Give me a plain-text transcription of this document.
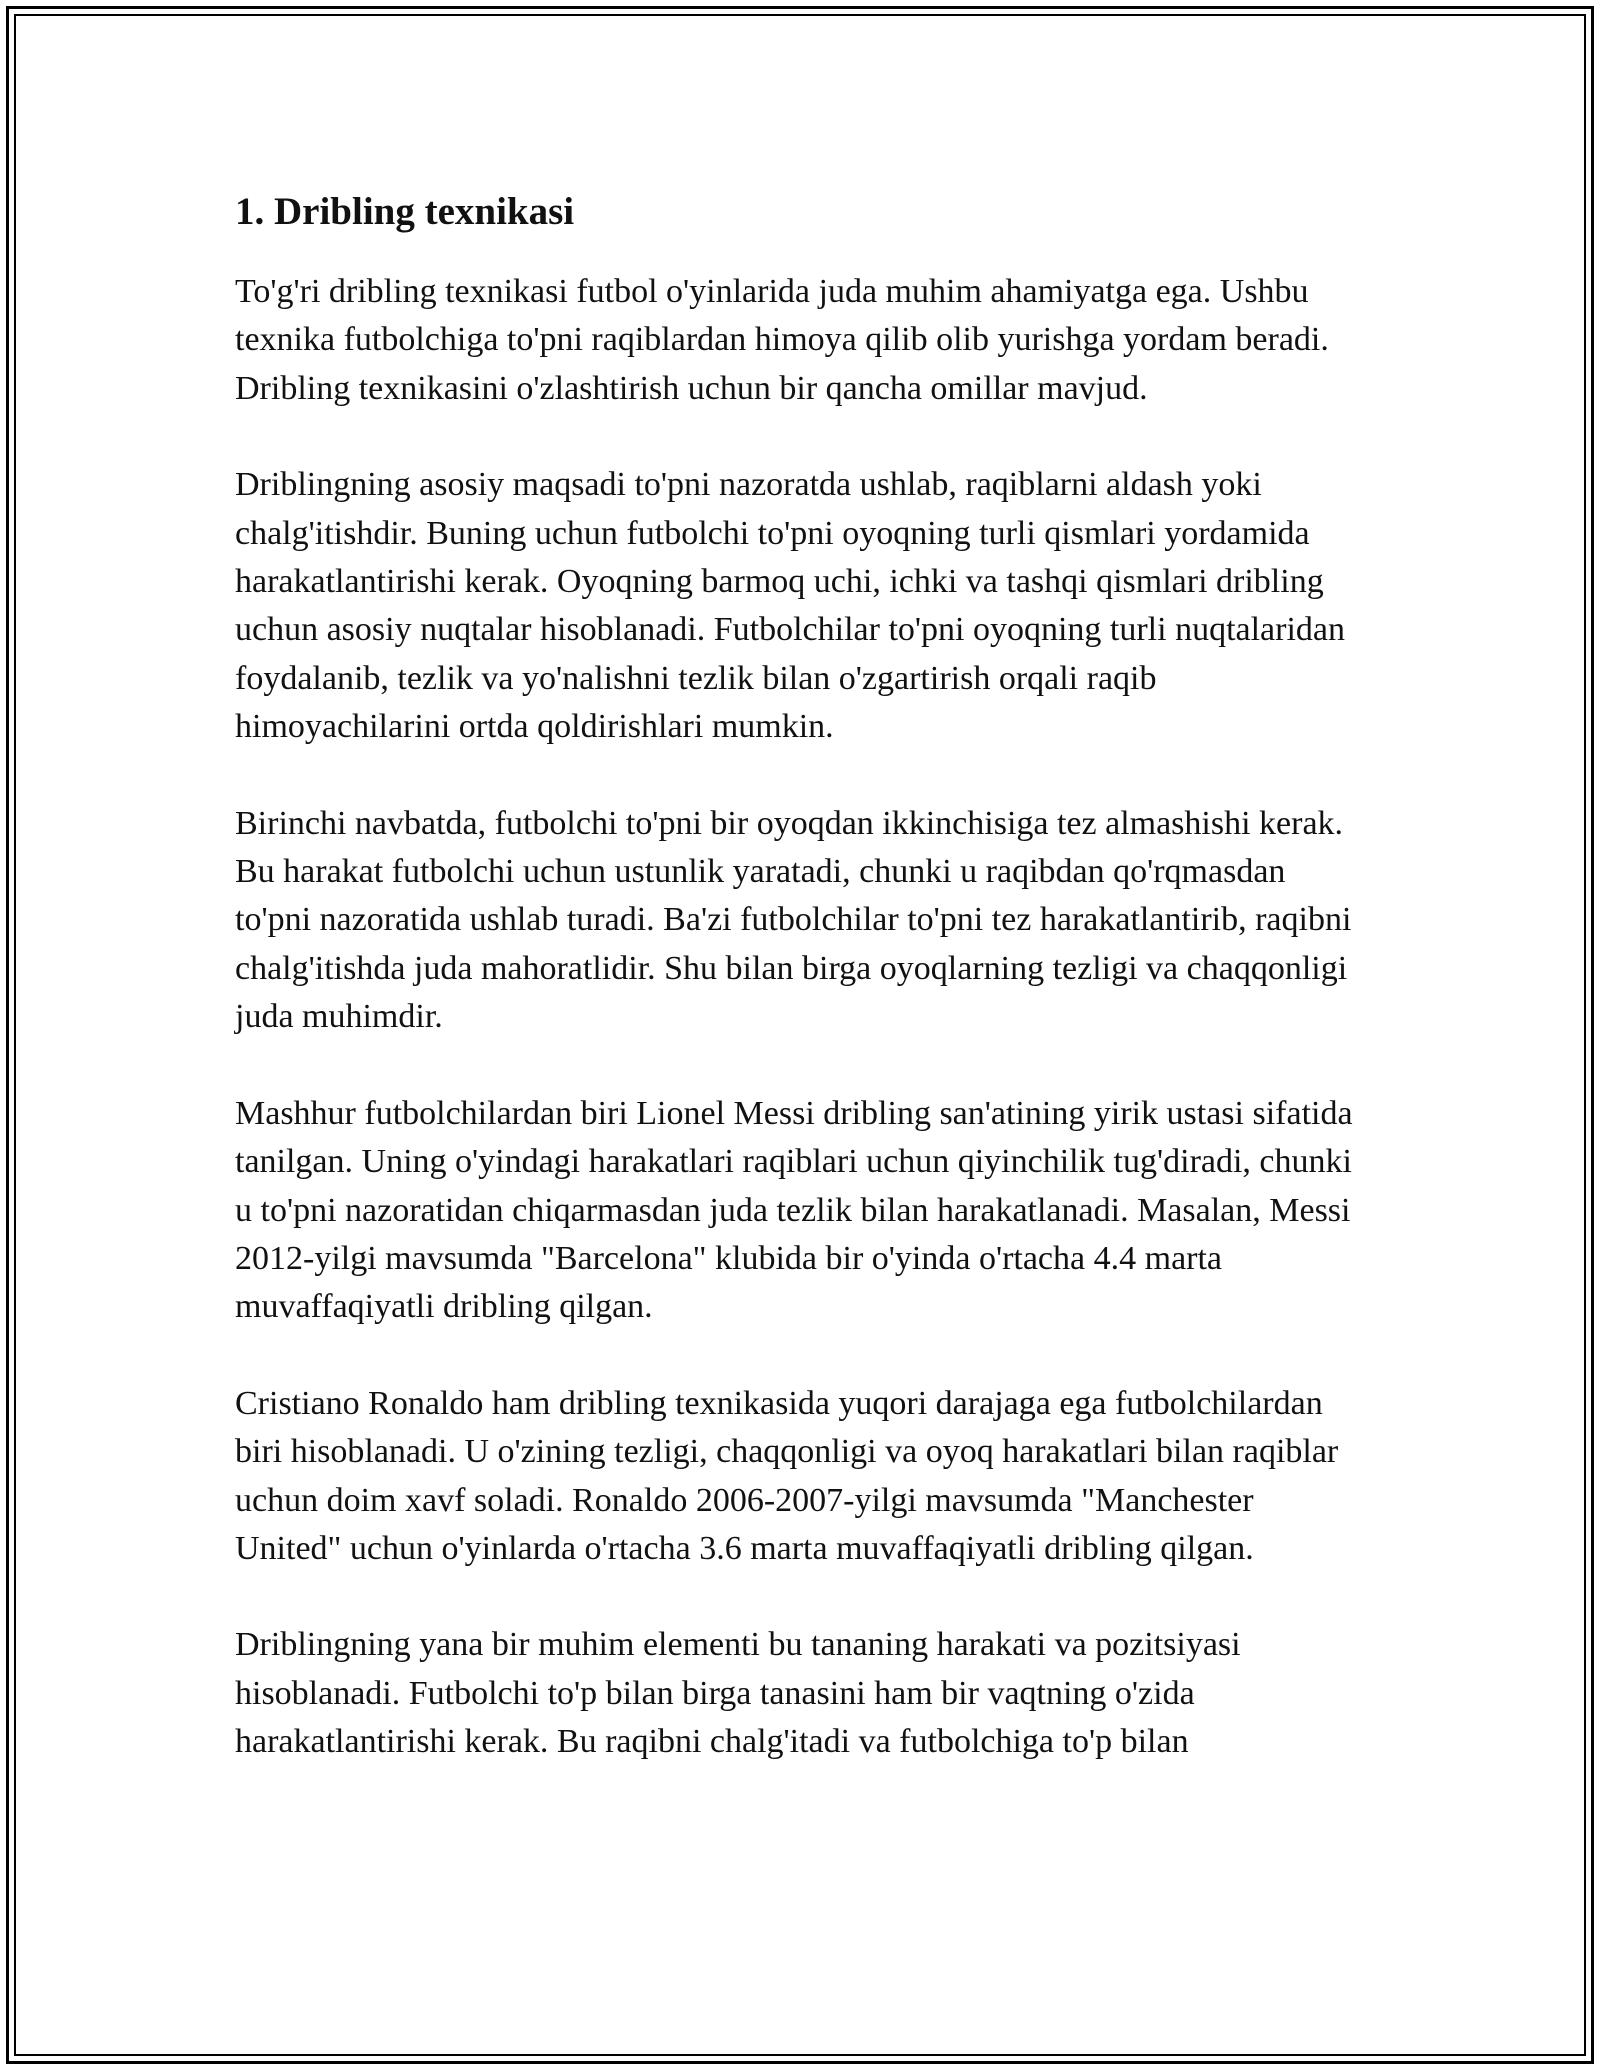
1. Dribling texnikasi

To'g'ri dribling texnikasi futbol o'yinlarida juda muhim ahamiyatga ega. Ushbu texnika futbolchiga to'pni raqiblardan himoya qilib olib yurishga yordam beradi. Dribling texnikasini o'zlashtirish uchun bir qancha omillar mavjud.

Driblingning asosiy maqsadi to'pni nazoratda ushlab, raqiblarni aldash yoki chalg'itishdir. Buning uchun futbolchi to'pni oyoqning turli qismlari yordamida harakatlantirishi kerak. Oyoqning barmoq uchi, ichki va tashqi qismlari dribling uchun asosiy nuqtalar hisoblanadi. Futbolchilar to'pni oyoqning turli nuqtalaridan foydalanib, tezlik va yo'nalishni tezlik bilan o'zgartirish orqali raqib himoyachilarini ortda qoldirishlari mumkin.

Birinchi navbatda, futbolchi to'pni bir oyoqdan ikkinchisiga tez almashishi kerak. Bu harakat futbolchi uchun ustunlik yaratadi, chunki u raqibdan qo'rqmasdan to'pni nazoratida ushlab turadi. Ba'zi futbolchilar to'pni tez harakatlantirib, raqibni chalg'itishda juda mahoratlidir. Shu bilan birga oyoqlarning tezligi va chaqqonligi juda muhimdir.

Mashhur futbolchilardan biri Lionel Messi dribling san'atining yirik ustasi sifatida tanilgan. Uning o'yindagi harakatlari raqiblari uchun qiyinchilik tug'diradi, chunki u to'pni nazoratidan chiqarmasdan juda tezlik bilan harakatlanadi. Masalan, Messi 2012-yilgi mavsumda "Barcelona" klubida bir o'yinda o'rtacha 4.4 marta muvaffaqiyatli dribling qilgan.

Cristiano Ronaldo ham dribling texnikasida yuqori darajaga ega futbolchilardan biri hisoblanadi. U o'zining tezligi, chaqqonligi va oyoq harakatlari bilan raqiblar uchun doim xavf soladi. Ronaldo 2006-2007-yilgi mavsumda "Manchester United" uchun o'yinlarda o'rtacha 3.6 marta muvaffaqiyatli dribling qilgan.

Driblingning yana bir muhim elementi bu tananing harakati va pozitsiyasi hisoblanadi. Futbolchi to'p bilan birga tanasini ham bir vaqtning o'zida harakatlantirishi kerak. Bu raqibni chalg'itadi va futbolchiga to'p bilan
